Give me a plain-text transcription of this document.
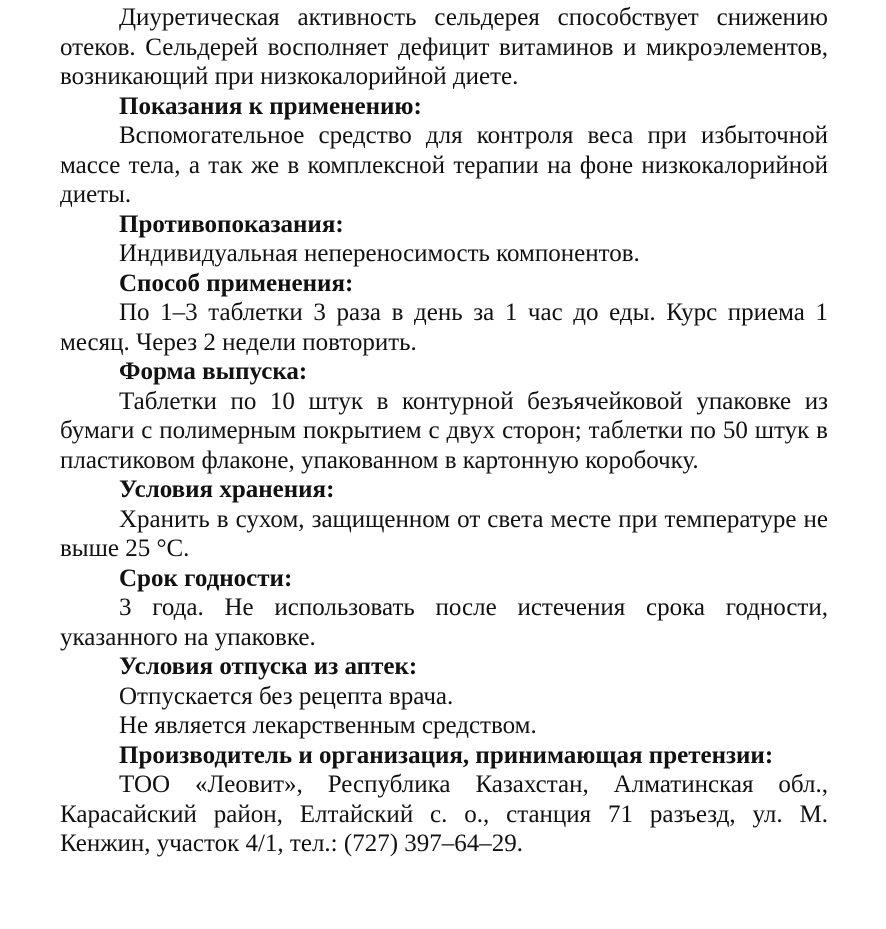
Диуретическая активность сельдерея способствует снижению отеков. Сельдерей восполняет дефицит витаминов и микроэлементов, возникающий при низкокалорийной диете.

Показания к применению:

Вспомогательное средство для контроля веса при избыточной массе тела, а так же в комплексной терапии на фоне низкокалорийной диеты.

Противопоказания:

Индивидуальная непереносимость компонентов.

Способ применения:

По 1–3 таблетки 3 раза в день за 1 час до еды. Курс приема 1 месяц. Через 2 недели повторить.

Форма выпуска:

Таблетки по 10 штук в контурной безъячейковой упаковке из бумаги с полимерным покрытием с двух сторон; таблетки по 50 штук в пластиковом флаконе, упакованном в картонную коробочку.

Условия хранения:

Хранить в сухом, защищенном от света месте при температуре не выше 25 °С.

Срок годности:

3 года. Не использовать после истечения срока годности, указанного на упаковке.

Условия отпуска из аптек:

Отпускается без рецепта врача.

Не является лекарственным средством.

Производитель и организация, принимающая претензии:

ТОО «Леовит», Республика Казахстан, Алматинская обл., Карасайский район, Елтайский с. о., станция 71 разъезд, ул. М. Кенжин, участок 4/1, тел.: (727) 397–64–29.
